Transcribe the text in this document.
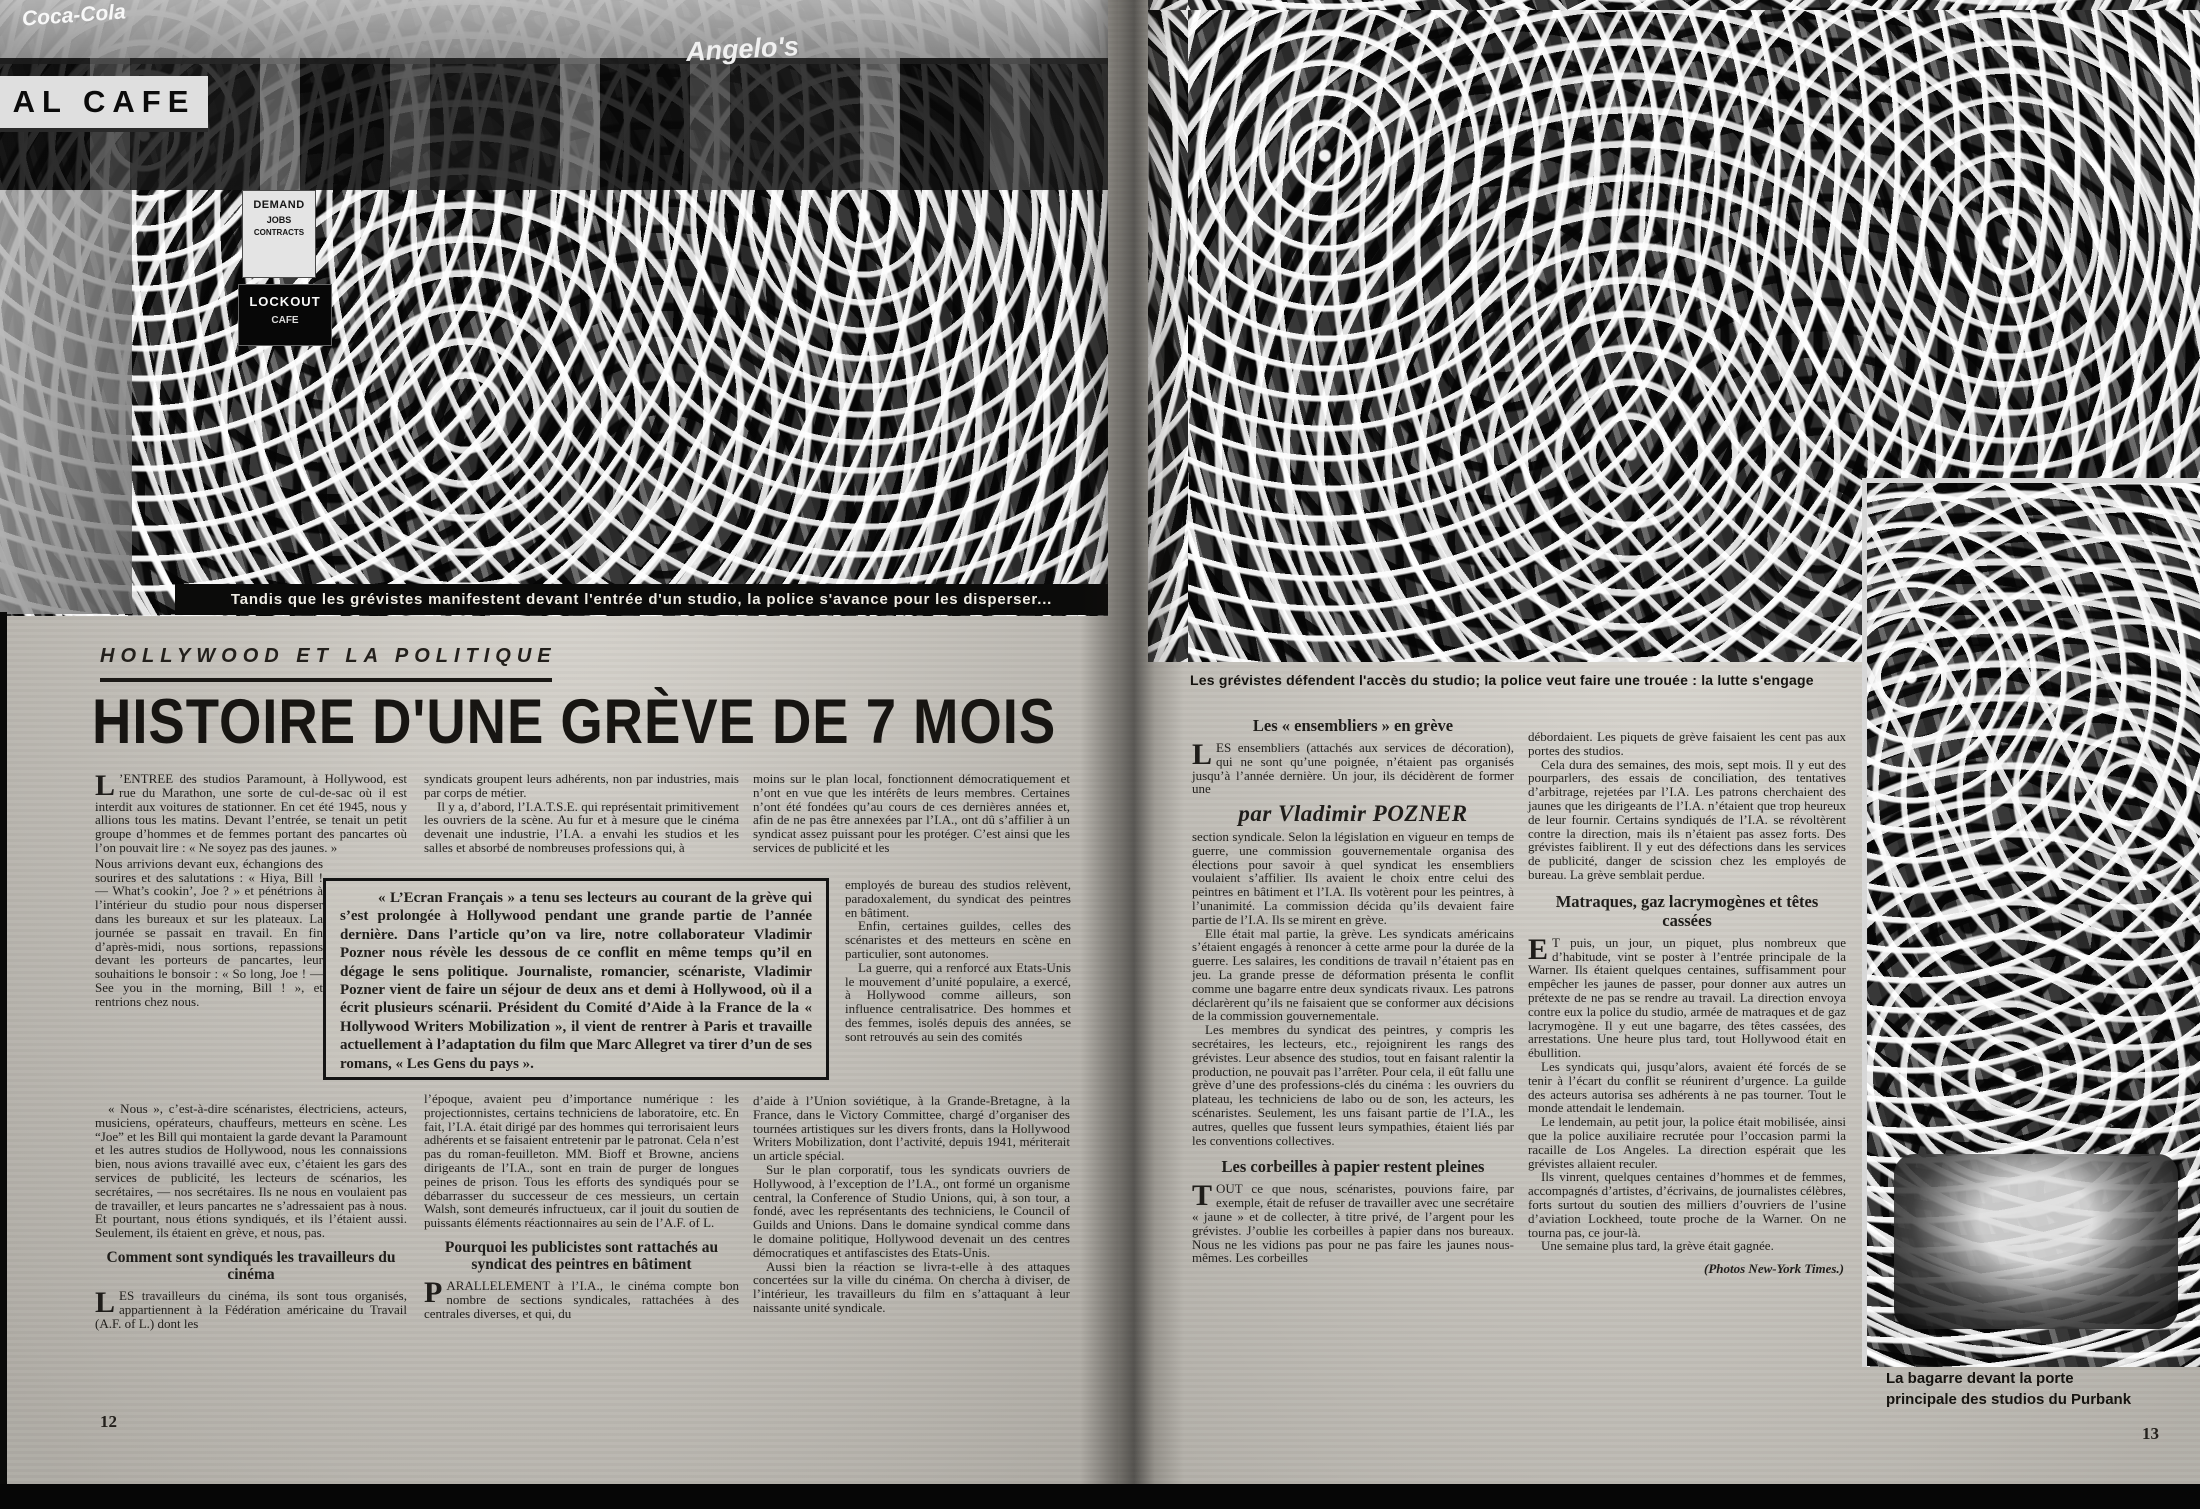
Coca-Cola
AL CAFE
Angelo's
DEMAND
JOBS
CONTRACTS
LOCKOUT
CAFE
Tandis que les grévistes manifestent devant l'entrée d'un studio, la police s'avance pour les disperser...
Les grévistes défendent l'accès du studio; la police veut faire une trouée : la lutte s'engage
HOLLYWOOD ET LA POLITIQUE
HISTOIRE D'UNE GRÈVE DE 7 MOIS

L ’ENTREE des studios Paramount, à Hollywood, est rue du Marathon, une sorte de cul-de-sac où il est interdit aux voitures de stationner. En cet été 1945, nous y allions tous les matins. Devant l’entrée, se tenait un petit groupe d’hommes et de femmes portant des pancartes où l’on pouvait lire : « Ne soyez pas des jaunes. »

Nous arrivions devant eux, échangions des sourires et des salutations : « Hiya, Bill ! — What’s cookin’, Joe ? » et pénétrions à l’intérieur du studio pour nous disperser dans les bureaux et sur les plateaux. La journée se passait en travail. En fin d’après-midi, nous sortions, repassions devant les porteurs de pancartes, leur souhaitions le bonsoir : « So long, Joe ! — See you in the morning, Bill ! », et rentrions chez nous.

« Nous », c’est-à-dire scénaristes, électriciens, acteurs, musiciens, opérateurs, chauffeurs, metteurs en scène. Les “Joe” et les Bill qui montaient la garde devant la Paramount et les autres studios de Hollywood, nous les connaissions bien, nous avions travaillé avec eux, c’étaient les gars des services de publicité, les lecteurs de scénarios, les secrétaires, — nos secrétaires. Ils ne nous en voulaient pas de travailler, et leurs pancartes ne s’adressaient pas à nous. Et pourtant, nous étions syndiqués, et ils l’étaient aussi. Seulement, ils étaient en grève, et nous, pas.

Comment sont syndiqués les travailleurs du cinéma

LES travailleurs du cinéma, ils sont tous organisés, appartiennent à la Fédération américaine du Travail (A.F. of L.) dont les

syndicats groupent leurs adhérents, non par industries, mais par corps de métier.

Il y a, d’abord, l’I.A.T.S.E. qui représentait primitivement les ouvriers de la scène. Au fur et à mesure que le cinéma devenait une industrie, l’I.A. a envahi les studios et les salles et absorbé de nombreuses professions qui, à

« L’Ecran Français » a tenu ses lecteurs au courant de la grève qui s’est prolongée à Hollywood pendant une grande partie de l’année dernière. Dans l’article qu’on va lire, notre collaborateur Vladimir Pozner nous révèle les dessous de ce conflit en même temps qu’il en dégage le sens politique. Journaliste, romancier, scénariste, Vladimir Pozner vient de faire un séjour de deux ans et demi à Hollywood, où il a écrit plusieurs scénarii. Président du Comité d’Aide à la France de la « Hollywood Writers Mobilization », il vient de rentrer à Paris et travaille actuellement à l’adaptation du film que Marc Allegret va tirer d’un de ses romans, « Les Gens du pays ».

l’époque, avaient peu d’importance numérique : les projectionnistes, certains techniciens de laboratoire, etc. En fait, l’I.A. était dirigé par des hommes qui terrorisaient leurs adhérents et se faisaient entretenir par le patronat. Cela n’est pas du roman-feuilleton. MM. Bioff et Browne, anciens dirigeants de l’I.A., sont en train de purger de longues peines de prison. Tous les efforts des syndiqués pour se débarrasser du successeur de ces messieurs, un certain Walsh, sont demeurés infructueux, car il jouit du soutien de puissants éléments réactionnaires au sein de l’A.F. of L.

Pourquoi les publicistes sont rattachés au syndicat des peintres en bâtiment

PARALLELEMENT à l’I.A., le cinéma compte bon nombre de sections syndicales, rattachées à des centrales diverses, et qui, du

moins sur le plan local, fonctionnent démocratiquement et n’ont en vue que les intérêts de leurs membres. Certaines n’ont été fondées qu’au cours de ces dernières années et, afin de ne pas être annexées par l’I.A., ont dû s’affilier à un syndicat assez puissant pour les protéger. C’est ainsi que les services de publicité et les

employés de bureau des studios relèvent, paradoxalement, du syndicat des peintres en bâtiment.

Enfin, certaines guildes, celles des scénaristes et des metteurs en scène en particulier, sont autonomes.

La guerre, qui a renforcé aux Etats-Unis le mouvement d’unité populaire, a exercé, à Hollywood comme ailleurs, son influence centralisatrice. Des hommes et des femmes, isolés depuis des années, se sont retrouvés au sein des comités

d’aide à l’Union soviétique, à la Grande-Bretagne, à la France, dans le Victory Committee, chargé d’organiser des tournées artistiques sur les divers fronts, dans la Hollywood Writers Mobilization, dont l’activité, depuis 1941, mériterait un article spécial.

Sur le plan corporatif, tous les syndicats ouvriers de Hollywood, à l’exception de l’I.A., ont formé un organisme central, la Conference of Studio Unions, qui, à son tour, a fondé, avec les représentants des techniciens, le Council of Guilds and Unions. Dans le domaine syndical comme dans le domaine politique, Hollywood devenait un des centres démocratiques et antifascistes des Etats-Unis.

Aussi bien la réaction se livra-t-elle à des attaques concertées sur la ville du cinéma. On chercha à diviser, de l’intérieur, les travailleurs du film en s’attaquant à leur naissante unité syndicale.

Les « ensembliers » en grève

LES ensembliers (attachés aux services de décoration), qui ne sont qu’une poignée, n’étaient pas organisés jusqu’à l’année dernière. Un jour, ils décidèrent de former une

par Vladimir POZNER

section syndicale. Selon la législation en vigueur en temps de guerre, une commission gouvernementale organisa des élections pour savoir à quel syndicat les ensembliers voulaient s’affilier. Ils avaient le choix entre celui des peintres en bâtiment et l’I.A. Ils votèrent pour les peintres, à l’unanimité. La commission décida qu’ils devaient faire partie de l’I.A. Ils se mirent en grève.

Elle était mal partie, la grève. Les syndicats américains s’étaient engagés à renoncer à cette arme pour la durée de la guerre. Les salaires, les conditions de travail n’étaient pas en jeu. La grande presse de déformation présenta le conflit comme une bagarre entre deux syndicats rivaux. Les patrons déclarèrent qu’ils ne faisaient que se conformer aux décisions de la commission gouvernementale.

Les membres du syndicat des peintres, y compris les secrétaires, les lecteurs, etc., rejoignirent les rangs des grévistes. Leur absence des studios, tout en faisant ralentir la production, ne pouvait pas l’arrêter. Pour cela, il eût fallu une grève d’une des professions-clés du cinéma : les ouvriers du plateau, les techniciens de labo ou de son, les acteurs, les scénaristes. Seulement, les uns faisant partie de l’I.A., les autres, quelles que fussent leurs sympathies, étaient liés par les conventions collectives.

Les corbeilles à papier restent pleines

TOUT ce que nous, scénaristes, pouvions faire, par exemple, était de refuser de travailler avec une secrétaire « jaune » et de collecter, à titre privé, de l’argent pour les grévistes. J’oublie les corbeilles à papier dans nos bureaux. Nous ne les vidions pas pour ne pas faire les jaunes nous-mêmes. Les corbeilles

débordaient. Les piquets de grève faisaient les cent pas aux portes des studios.

Cela dura des semaines, des mois, sept mois. Il y eut des pourparlers, des essais de conciliation, des tentatives d’arbitrage, rejetées par l’I.A. Les patrons cherchaient des jaunes que les dirigeants de l’I.A. n’étaient que trop heureux de leur fournir. Certains syndiqués de l’I.A. se révoltèrent contre la direction, mais ils n’étaient pas assez forts. Des grévistes faiblirent. Il y eut des défections dans les services de publicité, danger de scission chez les employés de bureau. La grève semblait perdue.

Matraques, gaz lacrymogènes et têtes cassées

E T puis, un jour, un piquet, plus nombreux que d’habitude, vint se poster à l’entrée principale de la Warner. Ils étaient quelques centaines, suffisamment pour empêcher les jaunes de passer, pour donner aux autres un prétexte de ne pas se rendre au travail. La direction envoya contre eux la police du studio, armée de matraques et de gaz lacrymogène. Il y eut une bagarre, des têtes cassées, des arrestations. Une heure plus tard, tout Hollywood était en ébullition.

Les syndicats qui, jusqu’alors, avaient été forcés de se tenir à l’écart du conflit se réunirent d’urgence. La guilde des acteurs autorisa ses adhérents à ne pas tourner. Tout le monde attendait le lendemain.

Le lendemain, au petit jour, la police était mobilisée, ainsi que la police auxiliaire recrutée pour l’occasion parmi la racaille de Los Angeles. La direction espérait que les grévistes allaient reculer.

Ils vinrent, quelques centaines d’hommes et de femmes, accompagnés d’artistes, d’écrivains, de journalistes célèbres, forts surtout du soutien des milliers d’ouvriers de l’usine d’aviation Lockheed, toute proche de la Warner. On ne tourna pas, ce jour-là.

Une semaine plus tard, la grève était gagnée.

(Photos New-York Times.)
La bagarre devant la porte principale des studios du Purbank
12
13
